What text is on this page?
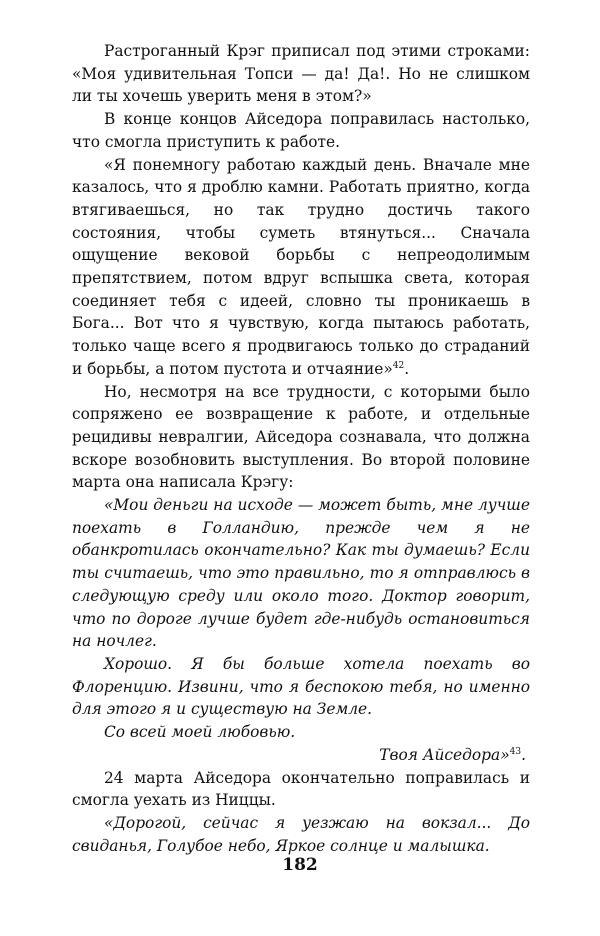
Растроганный Крэг приписал под этими строками: «Моя удивительная Топси — да! Да!. Но не слишком ли ты хочешь уверить меня в этом?»

В конце концов Айседора поправилась настолько, что смогла приступить к работе.

«Я понемногу работаю каждый день. Вначале мне казалось, что я дроблю камни. Работать приятно, когда втягиваешься, но так трудно достичь такого состояния, чтобы суметь втянуться... Сначала ощущение вековой борьбы с непреодолимым препятствием, потом вдруг вспышка света, которая соединяет тебя с идеей, словно ты проникаешь в Бога... Вот что я чувствую, когда пытаюсь работать, только чаще всего я продвигаюсь только до страданий и борьбы, а потом пустота и отчаяние»$^{42}$.

Но, несмотря на все трудности, с которыми было сопряжено ее возвращение к работе, и отдельные рецидивы невралгии, Айседора сознавала, что должна вскоре возобновить выступления. Во второй половине марта она написала Крэгу:

«Мои деньги на исходе — может быть, мне лучше поехать в Голландию, прежде чем я не обанкротилась окончательно? Как ты думаешь? Если ты считаешь, что это правильно, то я отправлюсь в следующую среду или около того. Доктор говорит, что по дороге лучше будет где-нибудь остановиться на ночлег.

Хорошо. Я бы больше хотела поехать во Флоренцию. Извини, что я беспокою тебя, но именно для этого я и существую на Земле.

Со всей моей любовью.

Твоя Айседора»$^{43}$.

24 марта Айседора окончательно поправилась и смогла уехать из Ниццы.

«Дорогой, сейчас я уезжаю на вокзал... До свиданья, Голубое небо, Яркое солнце и малышка.

182
